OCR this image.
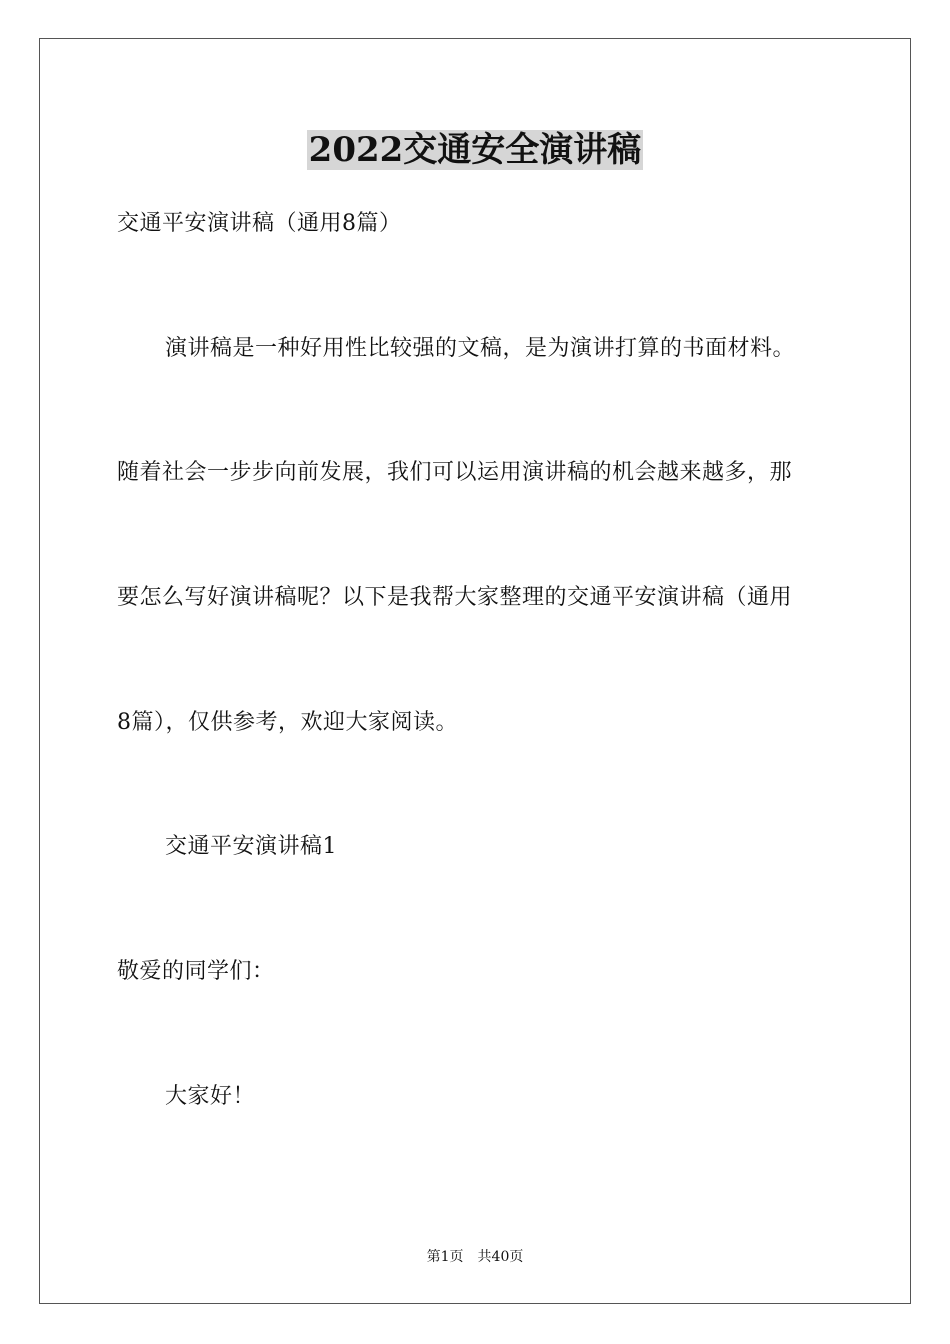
2022交通安全演讲稿
交通平安演讲稿（通用8篇）
演讲稿是一种好用性比较强的文稿，是为演讲打算的书面材料。
随着社会一步步向前发展，我们可以运用演讲稿的机会越来越多，那
要怎么写好演讲稿呢？以下是我帮大家整理的交通平安演讲稿（通用
8篇），仅供参考，欢迎大家阅读。
交通平安演讲稿1
敬爱的同学们：
大家好！
第1页　共40页
